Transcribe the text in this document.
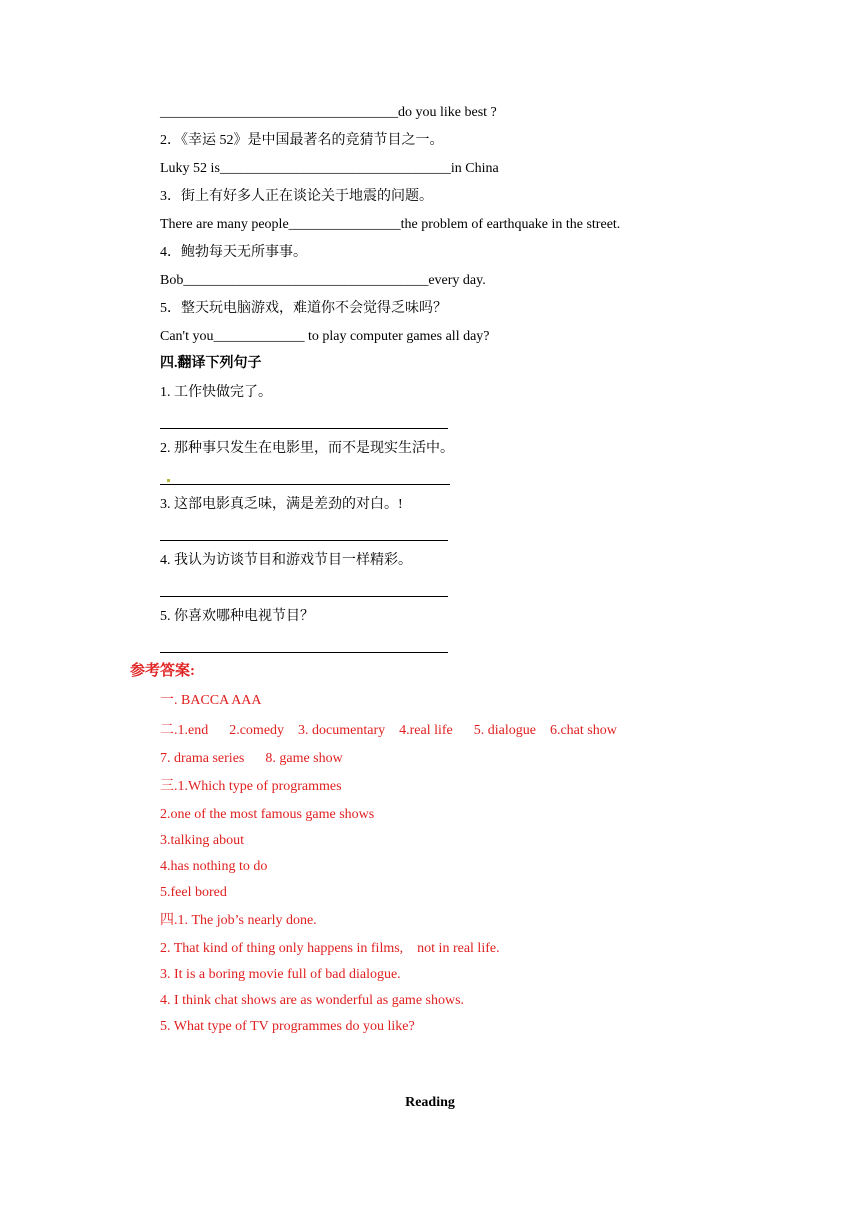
__________________________________do you like best ?
2．《幸运 52》是中国最著名的竞猜节目之一。
Luky 52 is_________________________________in China
3．街上有好多人正在谈论关于地震的问题。
There are many people________________the problem of earthquake in the street.
4．鲍勃每天无所事事。
Bob___________________________________every day.
5．整天玩电脑游戏，难道你不会觉得乏味吗？
Can't you_____________ to play computer games all day?
四.翻译下列句子
1. 工作快做完了。
2. 那种事只发生在电影里，而不是现实生活中。
3. 这部电影真乏味，满是差劲的对白。!
4. 我认为访谈节目和游戏节目一样精彩。
5. 你喜欢哪种电视节目？
参考答案:
一. BACCA AAA
二.1.end      2.comedy    3. documentary    4.real life      5. dialogue    6.chat show
7. drama series      8. game show
三.1.Which type of programmes
2.one of the most famous game shows
3.talking about
4.has nothing to do
5.feel bored
四.1. The job’s nearly done.
2. That kind of thing only happens in films,    not in real life.
3. It is a boring movie full of bad dialogue.
4. I think chat shows are as wonderful as game shows.
5. What type of TV programmes do you like?
Reading
